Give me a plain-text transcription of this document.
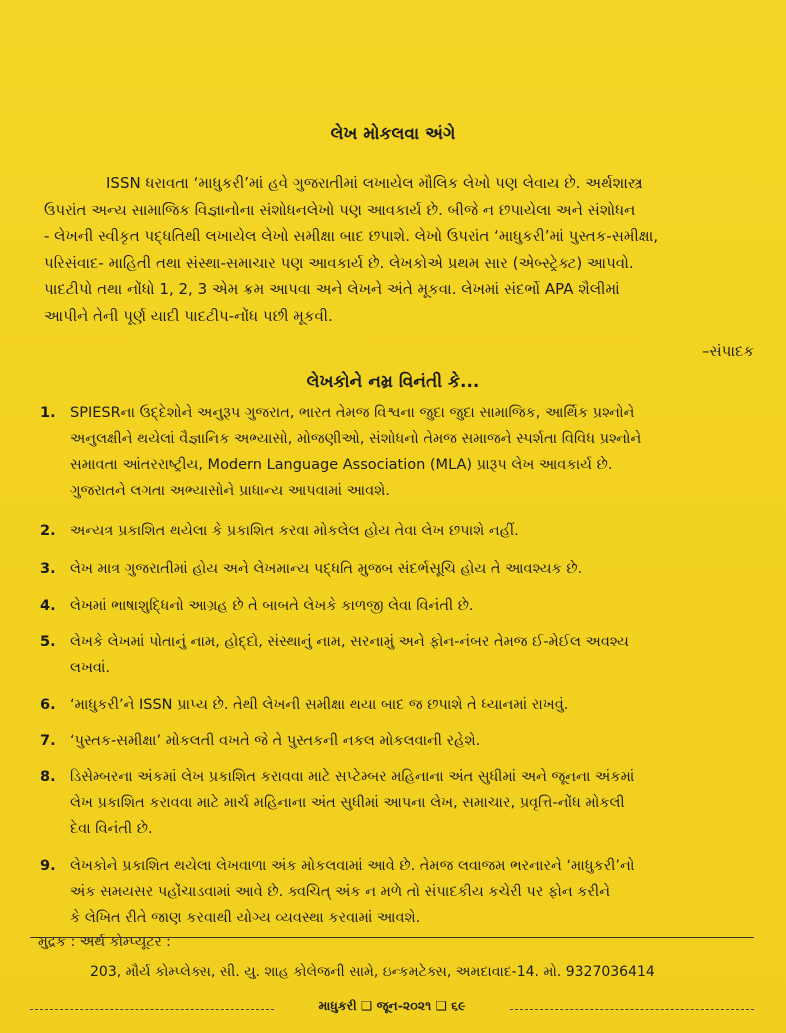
લેખ મોકલવા અંગે
ISSN ધરાવતા ‘માધુકરી’માં હવે ગુજરાતીમાં લખાયેલ મૌલિક લેખો પણ લેવાય છે. અર્થશાસ્ત્ર
ઉપરાંત અન્ય સામાજિક વિજ્ઞાનોના સંશોધનલેખો પણ આવકાર્ય છે. બીજે ન છપાયેલા અને સંશોધન
- લેખની સ્વીકૃત પદ્ધતિથી લખાયેલ લેખો સમીક્ષા બાદ છપાશે. લેખો ઉપરાંત ‘માધુકરી’માં પુસ્તક-સમીક્ષા,
પરિસંવાદ- માહિતી તથા સંસ્થા-સમાચાર પણ આવકાર્ય છે. લેખકોએ પ્રથમ સાર (એબ્સ્ટ્રેક્ટ) આપવો.
પાદટીપો તથા નોંધો 1, 2, 3 એમ ક્રમ આપવા અને લેખને અંતે મૂકવા. લેખમાં સંદર્ભો APA શૈલીમાં
આપીને તેની પૂર્ણ યાદી પાદટીપ-નોંધ પછી મૂકવી.
–સંપાદક
લેખકોને નમ્ર વિનંતી કે...
1. SPIESRના ઉદ્દેશોને અનુરૂપ ગુજરાત, ભારત તેમજ વિશ્વના જુદા જુદા સામાજિક, આર્થિક પ્રશ્નોને
અનુલક્ષીને થયેલાં વૈજ્ઞાનિક અભ્યાસો, મોજણીઓ, સંશોધનો તેમજ સમાજને સ્પર્શતા વિવિધ પ્રશ્નોને
સમાવતા આંતરરાષ્ટ્રીય, Modern Language Association (MLA) પ્રારૂપ લેખ આવકાર્ય છે.
ગુજરાતને લગતા અભ્યાસોને પ્રાધાન્ય આપવામાં આવશે.
2. અન્યત્ર પ્રકાશિત થયેલા કે પ્રકાશિત કરવા મોકલેલ હોય તેવા લેખ છપાશે નહીં.
3. લેખ માત્ર ગુજરાતીમાં હોય અને લેખમાન્ય પદ્ધતિ મુજબ સંદર્ભસૂચિ હોય તે આવશ્યક છે.
4. લેખમાં ભાષાશુદ્ધિનો આગ્રહ છે તે બાબતે લેખકે કાળજી લેવા વિનંતી છે.
5. લેખકે લેખમાં પોતાનું નામ, હોદ્દો, સંસ્થાનું નામ, સરનામું અને ફોન-નંબર તેમજ ઈ-મેઈલ અવશ્ય
લખવાં.
6. ‘માધુકરી’ને ISSN પ્રાપ્ય છે. તેથી લેખની સમીક્ષા થયા બાદ જ છપાશે તે ધ્યાનમાં રાખવું.
7. ‘પુસ્તક-સમીક્ષા’ મોકલતી વખતે જે તે પુસ્તકની નકલ મોકલવાની રહેશે.
8. ડિસેમ્બરના અંકમાં લેખ પ્રકાશિત કરાવવા માટે સપ્ટેમ્બર મહિનાના અંત સુધીમાં અને જૂનના અંકમાં
લેખ પ્રકાશિત કરાવવા માટે માર્ચ મહિનાના અંત સુધીમાં આપના લેખ, સમાચાર, પ્રવૃત્તિ-નોંધ મોકલી
દેવા વિનંતી છે.
9. લેખકોને પ્રકાશિત થયેલા લેખવાળા અંક મોકલવામાં આવે છે. તેમજ લવાજમ ભરનારને ‘માધુકરી’નો
અંક સમયસર પહોંચાડવામાં આવે છે. ક્વચિત્ અંક ન મળે તો સંપાદકીય કચેરી પર ફોન કરીને
કે લેખિત રીતે જાણ કરવાથી યોગ્ય વ્યવસ્થા કરવામાં આવશે.
મુદ્રક : અર્થ કોમ્પ્યૂટર :
203, મૌર્ય કોમ્પ્લેક્સ, સી. યુ. શાહ કોલેજની સામે, ઇન્કમટેક્સ, અમદાવાદ-14. મો. 9327036414
માધુકરી ❑ જૂન-૨૦૨૧ ❑ ૬૯
